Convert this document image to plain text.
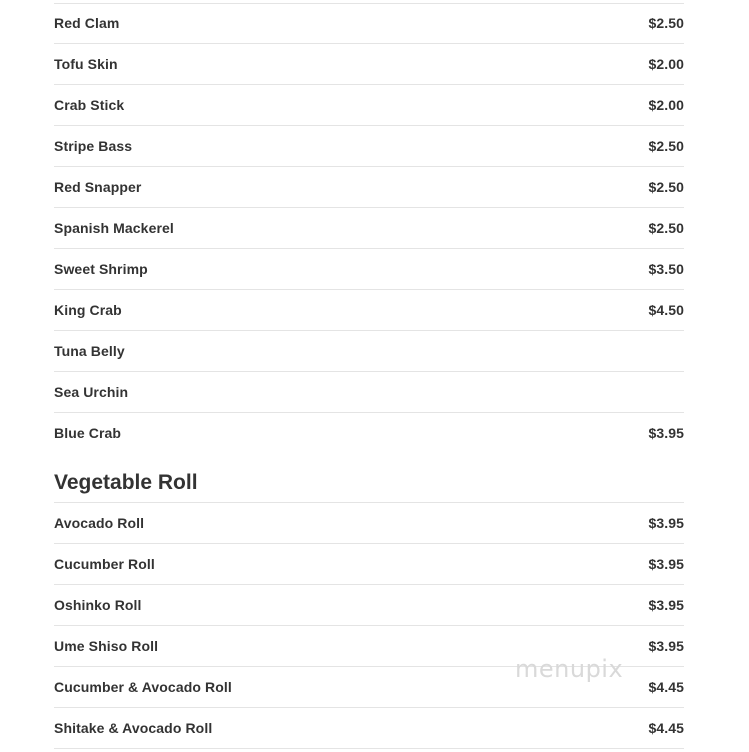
Red Clam	$2.50
Tofu Skin	$2.00
Crab Stick	$2.00
Stripe Bass	$2.50
Red Snapper	$2.50
Spanish Mackerel	$2.50
Sweet Shrimp	$3.50
King Crab	$4.50
Tuna Belly
Sea Urchin
Blue Crab	$3.95
Vegetable Roll
Avocado Roll	$3.95
Cucumber Roll	$3.95
Oshinko Roll	$3.95
Ume Shiso Roll	$3.95
Cucumber & Avocado Roll	$4.45
Shitake & Avocado Roll	$4.45
menupix
